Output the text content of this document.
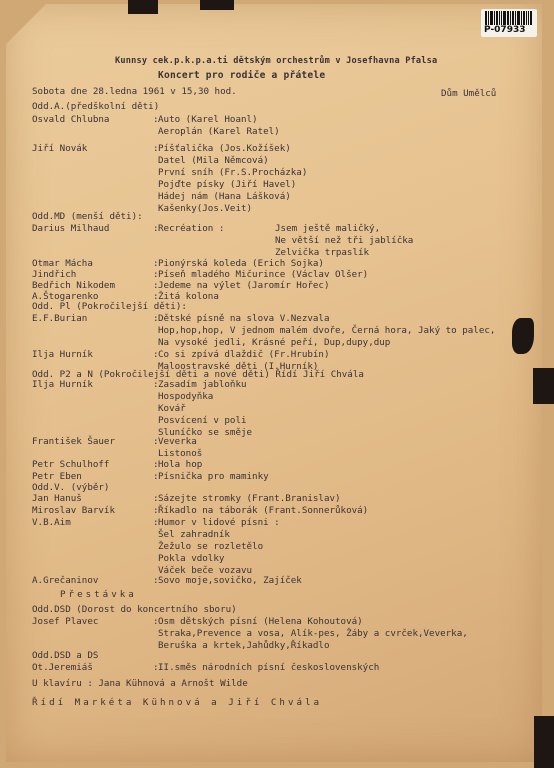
P-07933
Kunnsy cek.p.k.p.a.ti dětským orchestrům v Josefhavna Pfalsa
Koncert pro rodiče a přátele
Sobota dne 28.ledna 1961 v 15,30 hod.	Dům Umělců
Odd.A.(předškolní děti)
Osvald Chlubna	: Auto (Karel Hoanl)
Aeroplán (Karel Ratel)
Jiří Novák	: Píšťalička (Jos.Kožíšek)
Datel (Mila Němcová)
První sníh (Fr.S.Procházka)
Pojďte písky (Jiří Havel)
Hádej nám (Hana Lášková)
Kašenky(Jos.Veit)
Odd.MD (menší děti):
Darius Milhaud	: Recréation :	Jsem ještě maličký,
Ne větší než tři jablíčka
Zelvička trpaslík
Otmar Mácha	: Pionýrská koleda (Erich Sojka)
Jindřich	: Píseň mladého Mičurince (Václav Olšer)
Bedřich Nikodem	: Jedeme na výlet (Jaromír Hořec)
A.Štogarenko	: Žitá kolona
Odd. Pl (Pokročilejší děti):
E.F.Burian	: Dětské písně na slova V.Nezvala
Hop,hop,hop, V jednom malém dvoře, Černá hora, Jaký to palec,
Na vysoké jedli, Krásné peří, Dup,dupy,dup
Ilja Hurník	: Co si zpívá dlaždič (Fr.Hrubín)
Maloostravské děti (I.Hurník)
Odd. P2 a N (Pokročilejší děti a nové děti) Řídí Jiří Chvála
Ilja Hurník	: Zasadím jabloňku
Hospodyňka
Kovář
Posvícení v poli
Sluníčko se směje
František Šauer	: Veverka
Listonoš
Petr Schulhoff	: Hola hop
Petr Eben	: Písnička pro maminky
Odd.V. (výběr)
Jan Hanuš	: Sázejte stromky (Frant.Branislav)
Miroslav Barvík	: Říkadlo na táborák (Frant.Sonnerůková)
V.B.Aim	: Humor v lidové písni :
Šel zahradník
Žežulo se rozletělo
Pokla vdolky
Váček beče vozavu
A.Grečaninov	: Sovo moje,sovičko, Zajíček
Přestávka
Odd.DSD (Dorost do koncertního sboru)
Josef Plavec	: Osm dětských písní (Helena Kohoutová)
Straka,Prevence a vosa, Alík-pes, Žáby a cvrček,Veverka,
Beruška a krtek,Jahůdky,Říkadlo
Odd.DSD a DS
Ot.Jeremiáš	: II.směs národních písní československých
U klavíru : Jana Kühnová a Arnošt Wilde
Řídí Markéta Kühnová a Jiří Chvála
